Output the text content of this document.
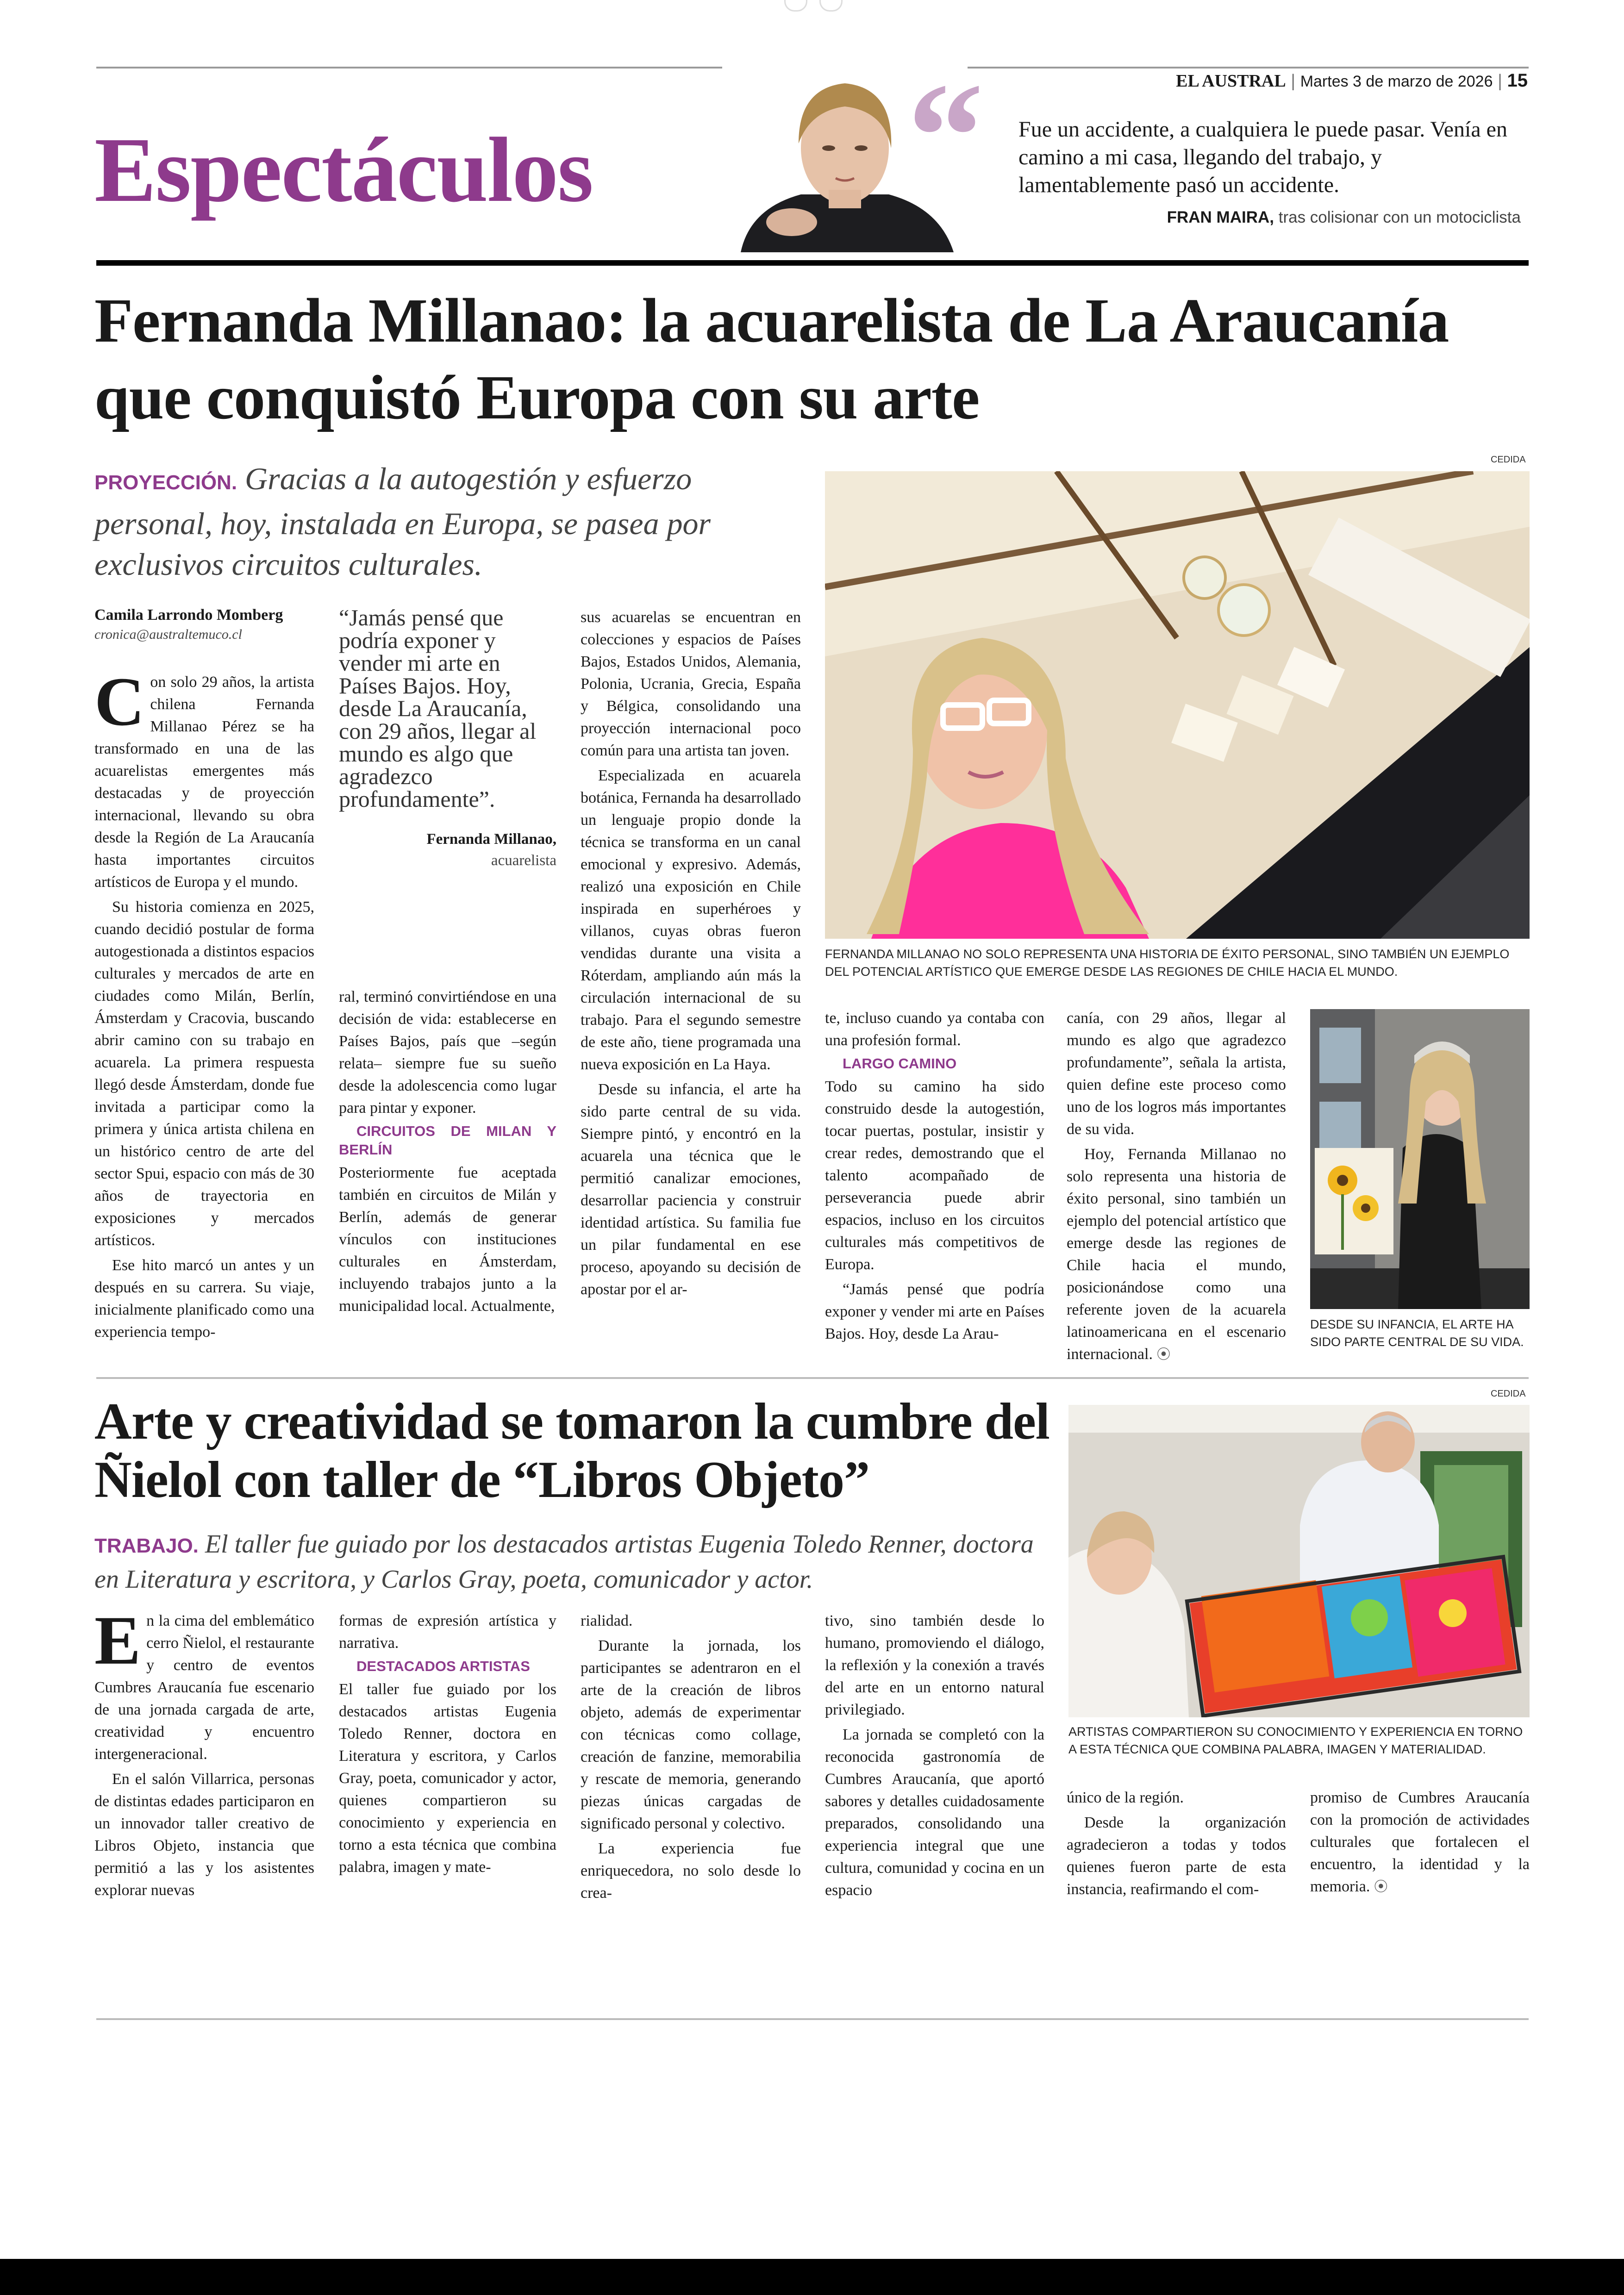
EL AUSTRAL | Martes 3 de marzo de 2026 | 15
Espectáculos “ Fue un accidente, a cualquiera le puede pasar. Venía en camino a mi casa, llegando del trabajo, y lamentablemente pasó un accidente.
FRAN MAIRA, tras colisionar con un motociclista
Fernanda Millanao: la acuarelista de La Araucanía que conquistó Europa con su arte
PROYECCIÓN. Gracias a la autogestión y esfuerzo personal, hoy, instalada en Europa, se pasea por exclusivos circuitos culturales.
Camila Larrondo Momberg
cronica@australtemuco.cl

Con solo 29 años, la artista chilena Fernanda Millanao Pérez se ha transformado en una de las acuarelistas emergentes más destacadas y de proyección internacional, llevando su obra desde la Región de La Araucanía hasta importantes circuitos artísticos de Europa y el mundo.

Su historia comienza en 2025, cuando decidió postular de forma autogestionada a distintos espacios culturales y mercados de arte en ciudades como Milán, Berlín, Ámsterdam y Cracovia, buscando abrir camino con su trabajo en acuarela. La primera respuesta llegó desde Ámsterdam, donde fue invitada a participar como la primera y única artista chilena en un histórico centro de arte del sector Spui, espacio con más de 30 años de trayectoria en exposiciones y mercados artísticos.

Ese hito marcó un antes y un después en su carrera. Su viaje, inicialmente planificado como una experiencia tempo-

“Jamás pensé que podría exponer y vender mi arte en Países Bajos. Hoy, desde La Araucanía, con 29 años, llegar al mundo es algo que agradezco profundamente”.
Fernanda Millanao,
acuarelista

ral, terminó convirtiéndose en una decisión de vida: establecerse en Países Bajos, país que –según relata– siempre fue su sueño desde la adolescencia como lugar para pintar y exponer.

CIRCUITOS DE MILAN Y BERLÍN

Posteriormente fue aceptada también en circuitos de Milán y Berlín, además de generar vínculos con instituciones culturales en Ámsterdam, incluyendo trabajos junto a la municipalidad local. Actualmente,

sus acuarelas se encuentran en colecciones y espacios de Países Bajos, Estados Unidos, Alemania, Polonia, Ucrania, Grecia, España y Bélgica, consolidando una proyección internacional poco común para una artista tan joven.

Especializada en acuarela botánica, Fernanda ha desarrollado un lenguaje propio donde la técnica se transforma en un canal emocional y expresivo. Además, realizó una exposición en Chile inspirada en superhéroes y villanos, cuyas obras fueron vendidas durante una visita a Róterdam, ampliando aún más la circulación internacional de su trabajo. Para el segundo semestre de este año, tiene programada una nueva exposición en La Haya.

Desde su infancia, el arte ha sido parte central de su vida. Siempre pintó, y encontró en la acuarela una técnica que le permitió canalizar emociones, desarrollar paciencia y construir identidad artística. Su familia fue un pilar fundamental en ese proceso, apoyando su decisión de apostar por el ar-

CEDIDA
FERNANDA MILLANAO NO SOLO REPRESENTA UNA HISTORIA DE ÉXITO PERSONAL, SINO TAMBIÉN UN EJEMPLO DEL POTENCIAL ARTÍSTICO QUE EMERGE DESDE LAS REGIONES DE CHILE HACIA EL MUNDO.

te, incluso cuando ya contaba con una profesión formal.

LARGO CAMINO

Todo su camino ha sido construido desde la autogestión, tocar puertas, postular, insistir y crear redes, demostrando que el talento acompañado de perseverancia puede abrir espacios, incluso en los circuitos culturales más competitivos de Europa.

“Jamás pensé que podría exponer y vender mi arte en Países Bajos. Hoy, desde La Arau-

canía, con 29 años, llegar al mundo es algo que agradezco profundamente”, señala la artista, quien define este proceso como uno de los logros más importantes de su vida.

Hoy, Fernanda Millanao no solo representa una historia de éxito personal, sino también un ejemplo del potencial artístico que emerge desde las regiones de Chile hacia el mundo, posicionándose como una referente joven de la acuarela latinoamericana en el escenario internacional. ⦿

DESDE SU INFANCIA, EL ARTE HA SIDO PARTE CENTRAL DE SU VIDA.
Arte y creatividad se tomaron la cumbre del Ñielol con taller de “Libros Objeto”
TRABAJO. El taller fue guiado por los destacados artistas Eugenia Toledo Renner, doctora en Literatura y escritora, y Carlos Gray, poeta, comunicador y actor.

En la cima del emblemático cerro Ñielol, el restaurante y centro de eventos Cumbres Araucanía fue escenario de una jornada cargada de arte, creatividad y encuentro intergeneracional.

En el salón Villarrica, personas de distintas edades participaron en un innovador taller creativo de Libros Objeto, instancia que permitió a las y los asistentes explorar nuevas

formas de expresión artística y narrativa.

DESTACADOS ARTISTAS

El taller fue guiado por los destacados artistas Eugenia Toledo Renner, doctora en Literatura y escritora, y Carlos Gray, poeta, comunicador y actor, quienes compartieron su conocimiento y experiencia en torno a esta técnica que combina palabra, imagen y mate-

rialidad.

Durante la jornada, los participantes se adentraron en el arte de la creación de libros objeto, además de experimentar con técnicas como collage, creación de fanzine, memorabilia y rescate de memoria, generando piezas únicas cargadas de significado personal y colectivo.

La experiencia fue enriquecedora, no solo desde lo crea-

tivo, sino también desde lo humano, promoviendo el diálogo, la reflexión y la conexión a través del arte en un entorno natural privilegiado.

La jornada se completó con la reconocida gastronomía de Cumbres Araucanía, que aportó sabores y detalles cuidadosamente preparados, consolidando una experiencia integral que une cultura, comunidad y cocina en un espacio

CEDIDA
ARTISTAS COMPARTIERON SU CONOCIMIENTO Y EXPERIENCIA EN TORNO A ESTA TÉCNICA QUE COMBINA PALABRA, IMAGEN Y MATERIALIDAD.

único de la región.

Desde la organización agradecieron a todas y todos quienes fueron parte de esta instancia, reafirmando el com-

promiso de Cumbres Araucanía con la promoción de actividades culturales que fortalecen el encuentro, la identidad y la memoria. ⦿
